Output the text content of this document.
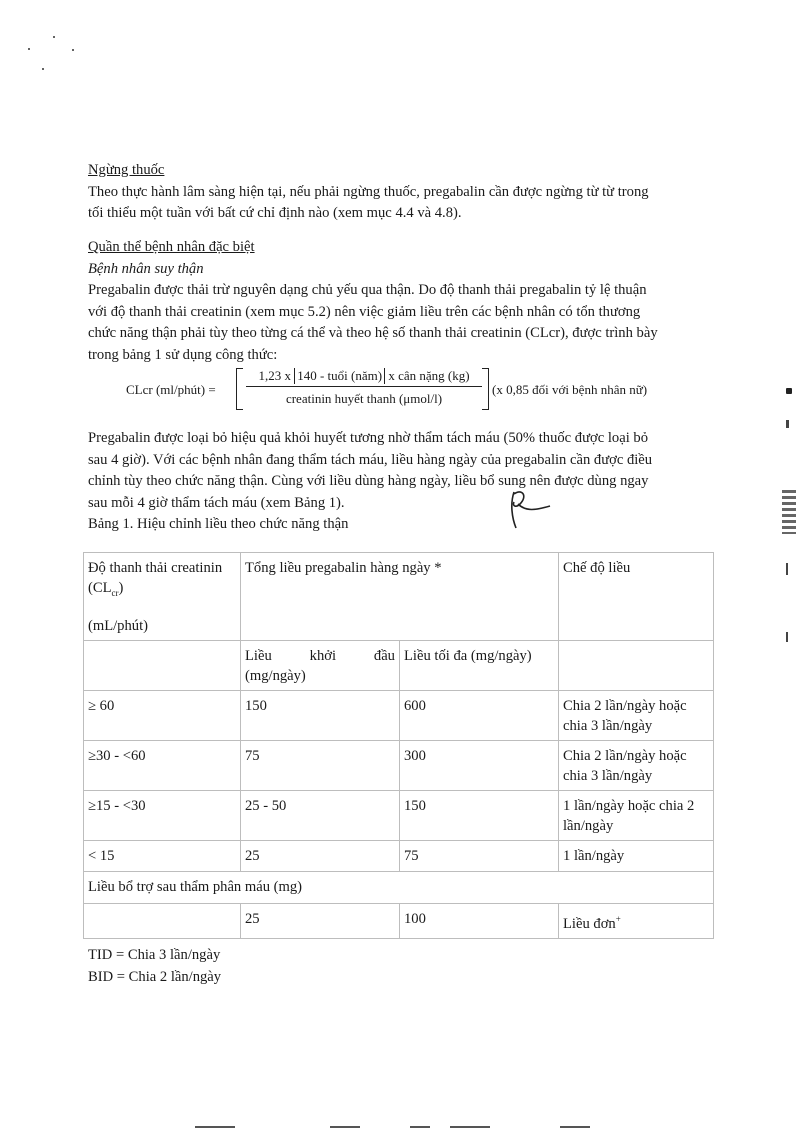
Ngừng thuốc
Theo thực hành lâm sàng hiện tại, nếu phải ngừng thuốc, pregabalin cần được ngừng từ từ trong
tối thiểu một tuần với bất cứ chỉ định nào (xem mục 4.4 và 4.8).
Quần thể bệnh nhân đặc biệt
Bệnh nhân suy thận
Pregabalin được thải trừ nguyên dạng chủ yếu qua thận. Do độ thanh thải pregabalin tỷ lệ thuận
với độ thanh thải creatinin (xem mục 5.2) nên việc giảm liều trên các bệnh nhân có tổn thương
chức năng thận phải tùy theo từng cá thể và theo hệ số thanh thải creatinin (CLcr), được trình bày
trong bảng 1 sử dụng công thức:
CLcr (ml/phút) =
1,23 x 140 - tuổi (năm) x cân nặng (kg)
creatinin huyết thanh (μmol/l)
(x 0,85 đối với bệnh nhân nữ)
Pregabalin được loại bỏ hiệu quả khỏi huyết tương nhờ thẩm tách máu (50% thuốc được loại bỏ
sau 4 giờ). Với các bệnh nhân đang thẩm tách máu, liều hàng ngày của pregabalin cần được điều
chỉnh tùy theo chức năng thận. Cùng với liều dùng hàng ngày, liều bổ sung nên được dùng ngay
sau mỗi 4 giờ thẩm tách máu (xem Bảng 1).
Bảng 1. Hiệu chỉnh liều theo chức năng thận
Độ thanh thải creatinin
$(CL_{cr})$
(mL/phút)	Tổng liều pregabalin hàng ngày *		Chế độ liều

	Liều khởi đầu
(mg/ngày)	Liều tối đa (mg/ngày)	
≥ 60	150	600	Chia 2 lần/ngày hoặc
chia 3 lần/ngày

≥30 - <60	75	300	Chia 2 lần/ngày hoặc
chia 3 lần/ngày

≥15 - <30	25 - 50	150	1 lần/ngày hoặc chia 2
lần/ngày

< 15	25	75	1 lần/ngày
Liều bổ trợ sau thẩm phân máu (mg)			
	25	100	Liều đơn+
TID = Chia 3 lần/ngày
BID = Chia 2 lần/ngày
